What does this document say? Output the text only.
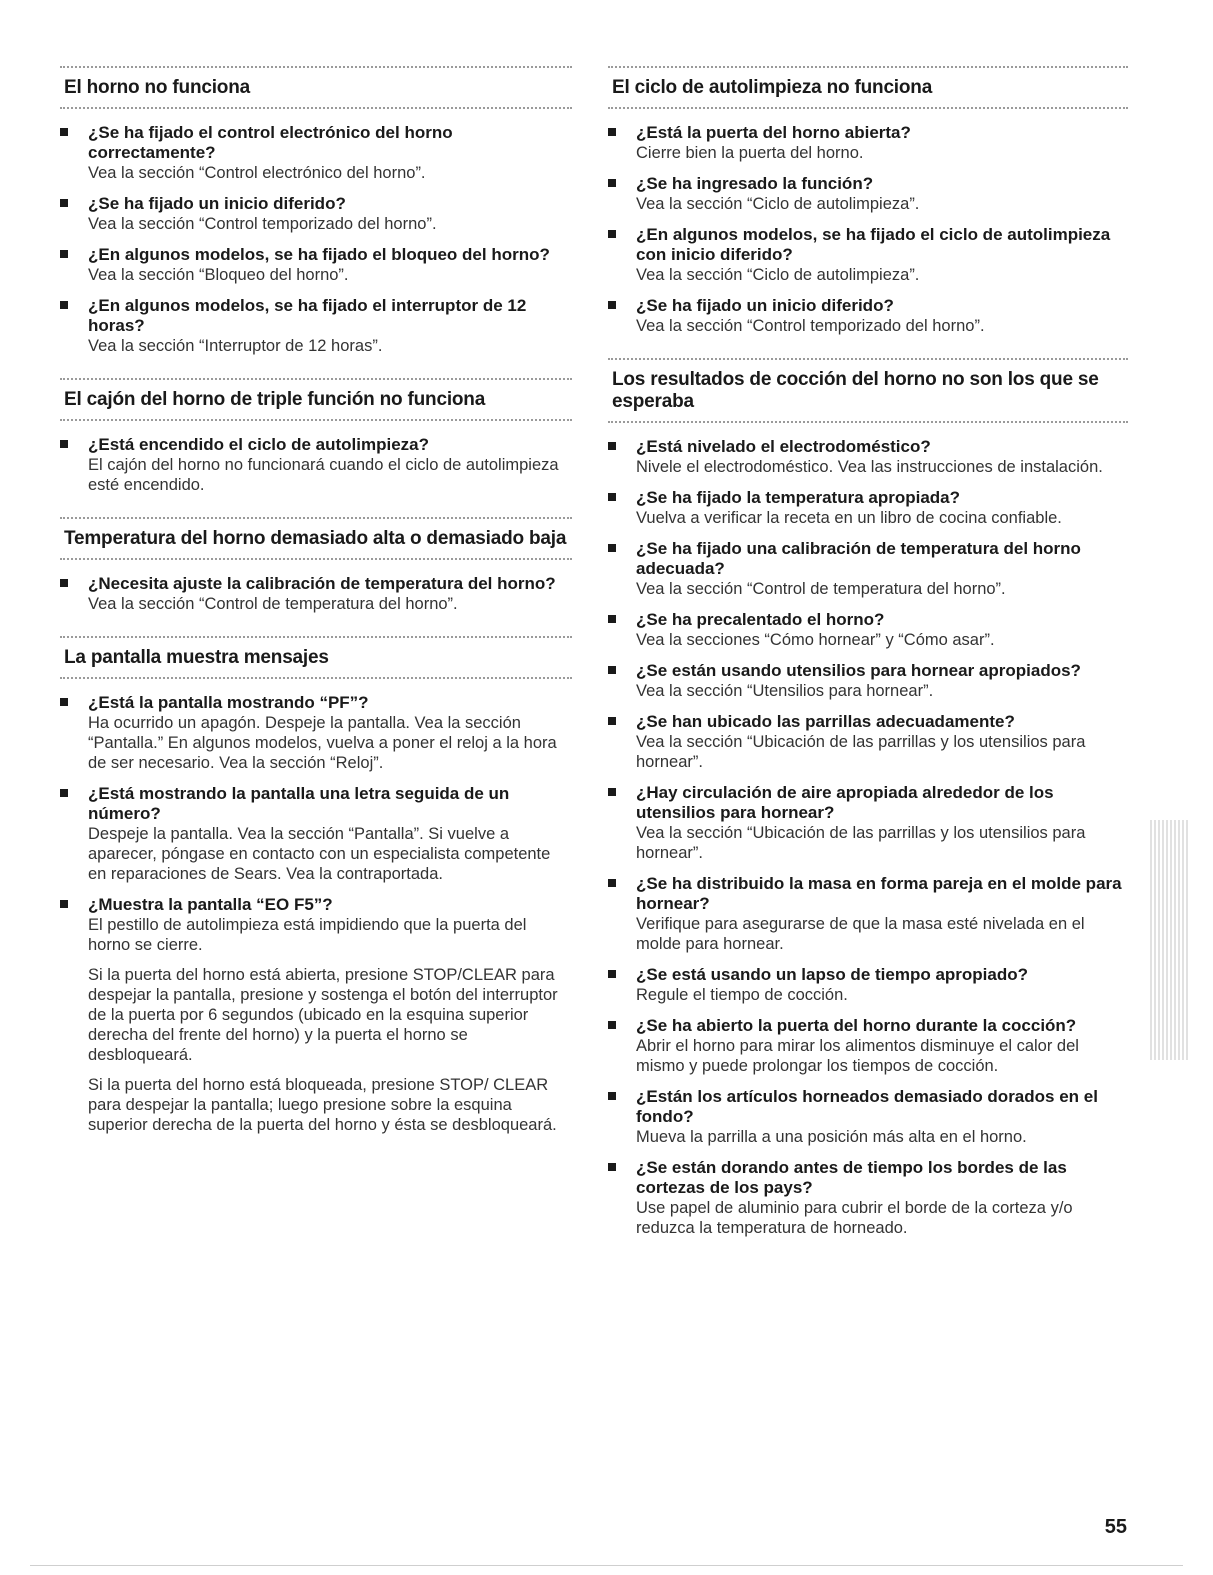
El horno no funciona
¿Se ha fijado el control electrónico del horno correctamente?
Vea la sección “Control electrónico del horno”.
¿Se ha fijado un inicio diferido?
Vea la sección “Control temporizado del horno”.
¿En algunos modelos, se ha fijado el bloqueo del horno?
Vea la sección “Bloqueo del horno”.
¿En algunos modelos, se ha fijado el interruptor de 12 horas?
Vea la sección “Interruptor de 12 horas”.
El cajón del horno de triple función no funciona
¿Está encendido el ciclo de autolimpieza?
El cajón del horno no funcionará cuando el ciclo de autolimpieza esté encendido.
Temperatura del horno demasiado alta o demasiado baja
¿Necesita ajuste la calibración de temperatura del horno?
Vea la sección “Control de temperatura del horno”.
La pantalla muestra mensajes
¿Está la pantalla mostrando “PF”?
Ha ocurrido un apagón. Despeje la pantalla. Vea la sección “Pantalla.” En algunos modelos, vuelva a poner el reloj a la hora de ser necesario. Vea la sección “Reloj”.
¿Está mostrando la pantalla una letra seguida de un número?
Despeje la pantalla. Vea la sección “Pantalla”. Si vuelve a aparecer, póngase en contacto con un especialista competente en reparaciones de Sears. Vea la contraportada.
¿Muestra la pantalla “EO F5”?
El pestillo de autolimpieza está impidiendo que la puerta del horno se cierre.
Si la puerta del horno está abierta, presione STOP/CLEAR para despejar la pantalla, presione y sostenga el botón del interruptor de la puerta por 6 segundos (ubicado en la esquina superior derecha del frente del horno) y la puerta el horno se desbloqueará.
Si la puerta del horno está bloqueada, presione STOP/ CLEAR para despejar la pantalla; luego presione sobre la esquina superior derecha de la puerta del horno y ésta se desbloqueará.
El ciclo de autolimpieza no funciona
¿Está la puerta del horno abierta?
Cierre bien la puerta del horno.
¿Se ha ingresado la función?
Vea la sección “Ciclo de autolimpieza”.
¿En algunos modelos, se ha fijado el ciclo de autolimpieza con inicio diferido?
Vea la sección “Ciclo de autolimpieza”.
¿Se ha fijado un inicio diferido?
Vea la sección “Control temporizado del horno”.
Los resultados de cocción del horno no son los que se esperaba
¿Está nivelado el electrodoméstico?
Nivele el electrodoméstico. Vea las instrucciones de instalación.
¿Se ha fijado la temperatura apropiada?
Vuelva a verificar la receta en un libro de cocina confiable.
¿Se ha fijado una calibración de temperatura del horno adecuada?
Vea la sección “Control de temperatura del horno”.
¿Se ha precalentado el horno?
Vea la secciones “Cómo hornear” y “Cómo asar”.
¿Se están usando utensilios para hornear apropiados?
Vea la sección “Utensilios para hornear”.
¿Se han ubicado las parrillas adecuadamente?
Vea la sección “Ubicación de las parrillas y los utensilios para hornear”.
¿Hay circulación de aire apropiada alrededor de los utensilios para hornear?
Vea la sección “Ubicación de las parrillas y los utensilios para hornear”.
¿Se ha distribuido la masa en forma pareja en el molde para hornear?
Verifique para asegurarse de que la masa esté nivelada en el molde para hornear.
¿Se está usando un lapso de tiempo apropiado?
Regule el tiempo de cocción.
¿Se ha abierto la puerta del horno durante la cocción?
Abrir el horno para mirar los alimentos disminuye el calor del mismo y puede prolongar los tiempos de cocción.
¿Están los artículos horneados demasiado dorados en el fondo?
Mueva la parrilla a una posición más alta en el horno.
¿Se están dorando antes de tiempo los bordes de las cortezas de los pays?
Use papel de aluminio para cubrir el borde de la corteza y/o reduzca la temperatura de horneado.
55
